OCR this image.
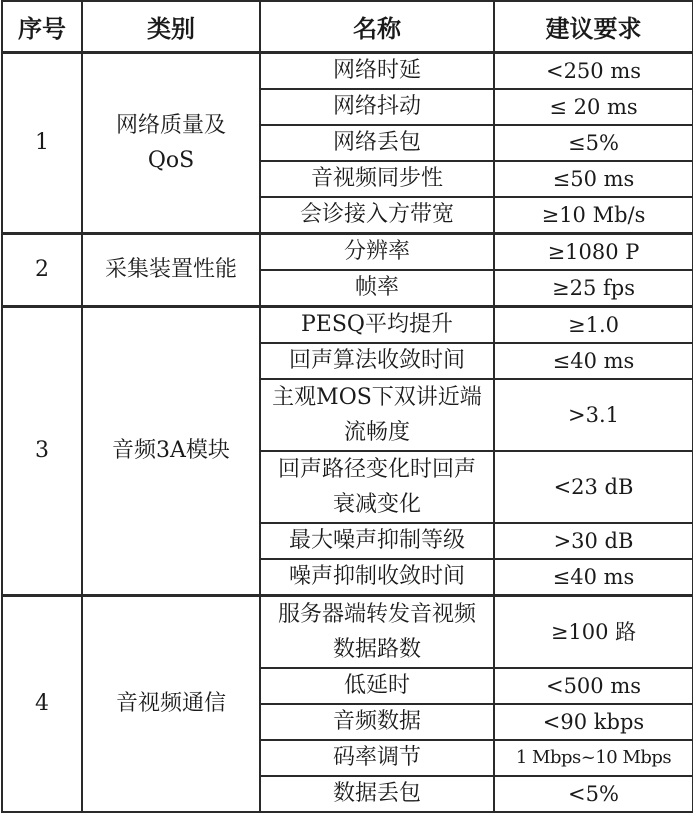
序号	类别	名称	建议要求
1	网络质量及QoS	网络时延	<250 ms
		网络抖动	≤ 20 ms
		网络丢包	≤5%
		音视频同步性	≤50 ms
		会诊接入方带宽	≥10 Mb/s
2	采集装置性能	分辨率	≥1080 P
		帧率	≥25 fps
3	音频3A模块	PESQ平均提升	≥1.0
		回声算法收敛时间	≤40 ms
		主观MOS下双讲近端流畅度	>3.1
		回声路径变化时回声衰减变化	<23 dB
		最大噪声抑制等级	>30 dB
		噪声抑制收敛时间	≤40 ms
4	音视频通信	服务器端转发音视频数据路数	≥100 路
		低延时	<500 ms
		音频数据	<90 kbps
		码率调节	1 Mbps~10 Mbps
		数据丢包	<5%
